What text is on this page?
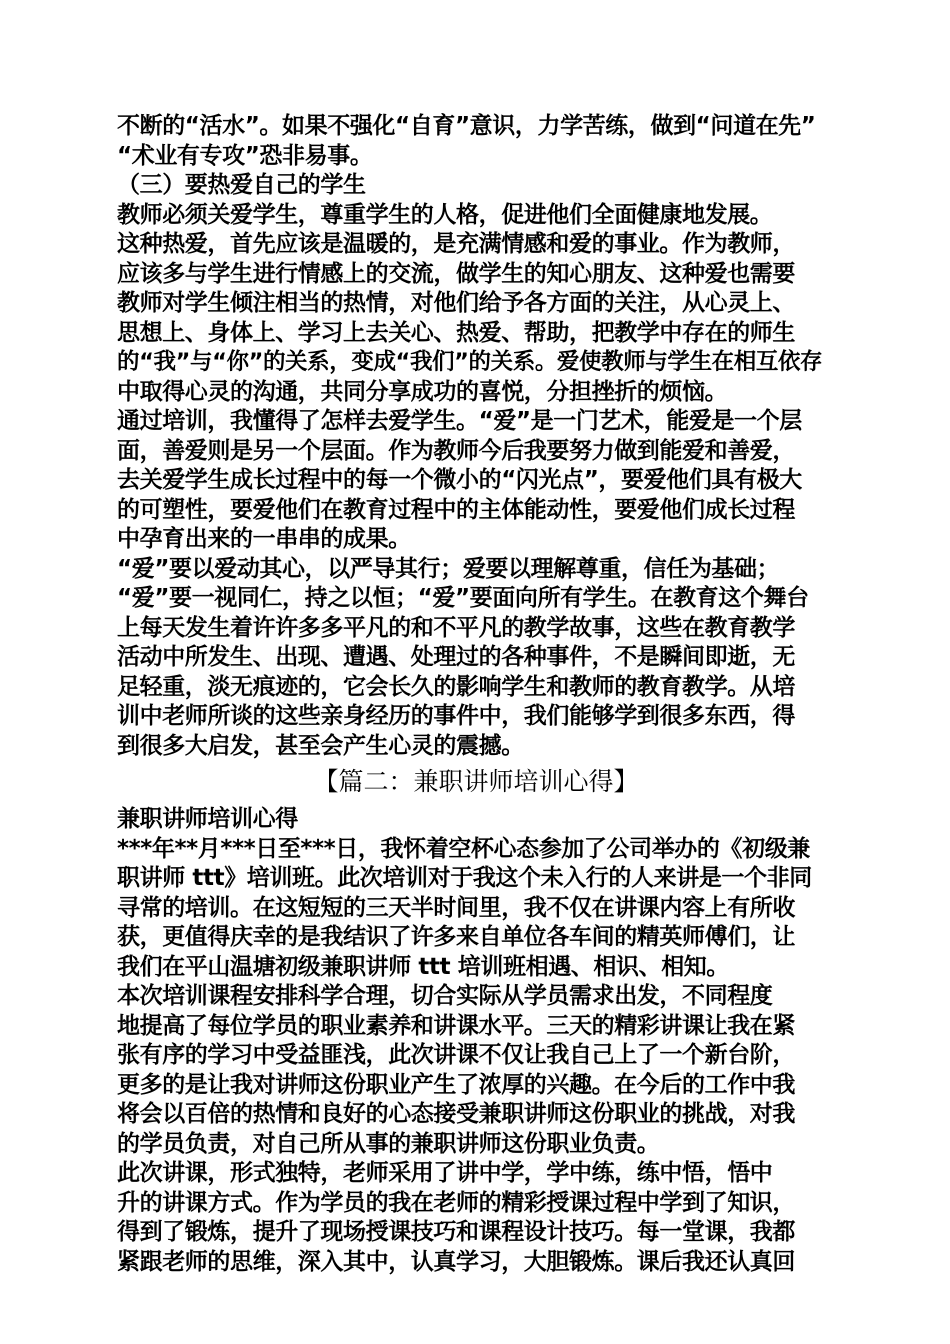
不断的“活水”。如果不强化“自育”意识，力学苦练，做到“问道在先”
“术业有专攻”恐非易事。
（三）要热爱自己的学生
教师必须关爱学生，尊重学生的人格，促进他们全面健康地发展。
这种热爱，首先应该是温暖的，是充满情感和爱的事业。作为教师，
应该多与学生进行情感上的交流，做学生的知心朋友、这种爱也需要
教师对学生倾注相当的热情，对他们给予各方面的关注，从心灵上、
思想上、身体上、学习上去关心、热爱、帮助，把教学中存在的师生
的“我”与“你”的关系，变成“我们”的关系。爱使教师与学生在相互依存
中取得心灵的沟通，共同分享成功的喜悦，分担挫折的烦恼。
通过培训，我懂得了怎样去爱学生。“爱”是一门艺术，能爱是一个层
面，善爱则是另一个层面。作为教师今后我要努力做到能爱和善爱，
去关爱学生成长过程中的每一个微小的“闪光点”，要爱他们具有极大
的可塑性，要爱他们在教育过程中的主体能动性，要爱他们成长过程
中孕育出来的一串串的成果。
“爱”要以爱动其心，以严导其行；爱要以理解尊重，信任为基础；
“爱”要一视同仁，持之以恒；“爱”要面向所有学生。在教育这个舞台
上每天发生着许许多多平凡的和不平凡的教学故事，这些在教育教学
活动中所发生、出现、遭遇、处理过的各种事件，不是瞬间即逝，无
足轻重，淡无痕迹的，它会长久的影响学生和教师的教育教学。从培
训中老师所谈的这些亲身经历的事件中，我们能够学到很多东西，得
到很多大启发，甚至会产生心灵的震撼。
【篇二：兼职讲师培训心得】
兼职讲师培训心得
***年**月***日至***日，我怀着空杯心态参加了公司举办的《初级兼
职讲师 ttt》培训班。此次培训对于我这个未入行的人来讲是一个非同
寻常的培训。在这短短的三天半时间里，我不仅在讲课内容上有所收
获，更值得庆幸的是我结识了许多来自单位各车间的精英师傅们，让
我们在平山温塘初级兼职讲师 ttt 培训班相遇、相识、相知。
本次培训课程安排科学合理，切合实际从学员需求出发，不同程度
地提高了每位学员的职业素养和讲课水平。三天的精彩讲课让我在紧
张有序的学习中受益匪浅，此次讲课不仅让我自己上了一个新台阶，
更多的是让我对讲师这份职业产生了浓厚的兴趣。在今后的工作中我
将会以百倍的热情和良好的心态接受兼职讲师这份职业的挑战，对我
的学员负责，对自己所从事的兼职讲师这份职业负责。
此次讲课，形式独特，老师采用了讲中学，学中练，练中悟，悟中
升的讲课方式。作为学员的我在老师的精彩授课过程中学到了知识，
得到了锻炼，提升了现场授课技巧和课程设计技巧。每一堂课，我都
紧跟老师的思维，深入其中，认真学习，大胆锻炼。课后我还认真回
